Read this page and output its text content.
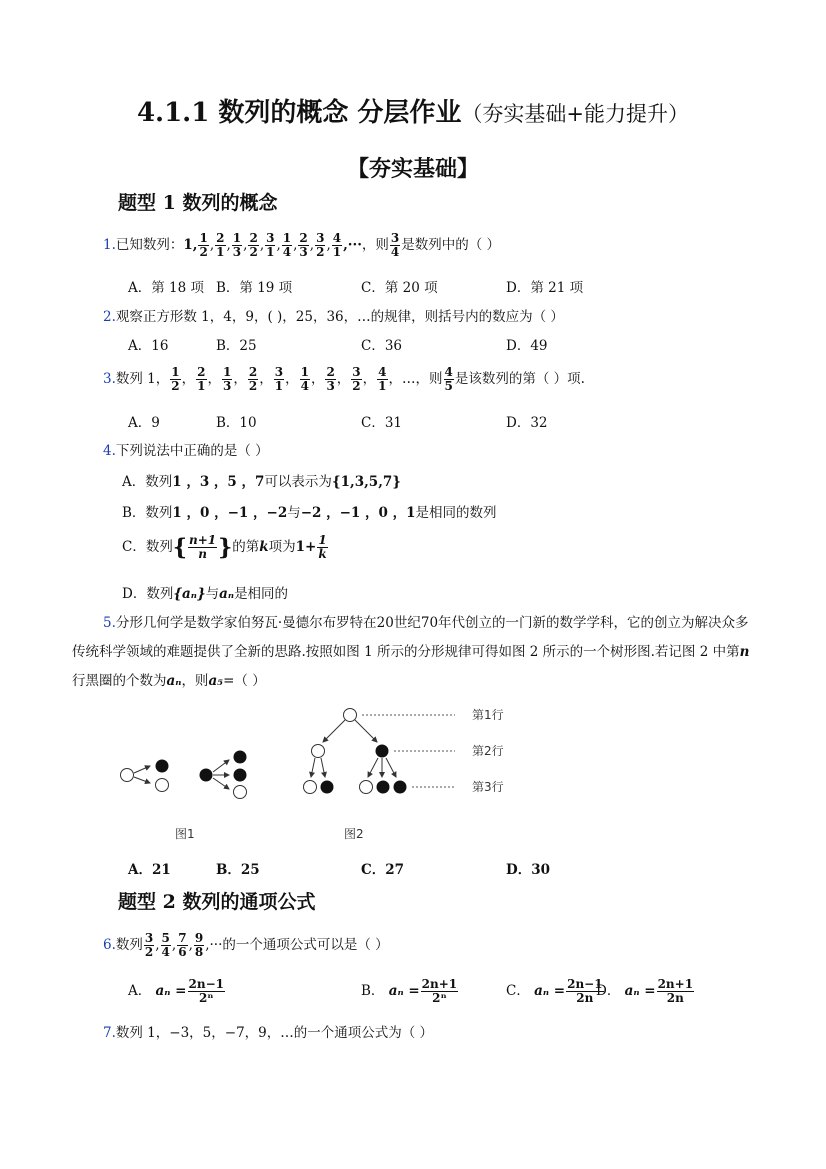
4.1.1 数列的概念 分层作业（夯实基础+能力提升）
【夯实基础】
题型 1 数列的概念
1.已知数列：1, $\frac{1}{2}$ , $\frac{2}{1}$ , $\frac{1}{3}$ , $\frac{2}{2}$ , $\frac{3}{1}$ , $\frac{1}{4}$ , $\frac{2}{3}$ , $\frac{3}{2}$ , $\frac{4}{1}$ ,···，则 $\frac{3}{4}$ 是数列中的（ ）
A．第 18 项 B．第 19 项	C．第 20 项	D．第 21 项
2.观察正方形数 1，4，9，( )，25，36，…的规律，则括号内的数应为（ ）
A．16	B．25	C．36	D．49
3.数列 1， $\frac{1}{2}$ ， $\frac{2}{1}$ ， $\frac{1}{3}$ ， $\frac{2}{2}$ ， $\frac{3}{1}$ ， $\frac{1}{4}$ ， $\frac{2}{3}$ ， $\frac{3}{2}$ ， $\frac{4}{1}$ ，…，则 $\frac{4}{5}$ 是该数列的第（ ）项.
A．9	B．10	C．31	D．32
4.下列说法中正确的是（ ）
A．数列1 ，3 ，5 ，7可以表示为{1,3,5,7}
B．数列1 ，0 ，−1 ，−2与−2 ，−1 ，0 ，1是相同的数列
C．数列{ $\frac{n+1}{n}$ }的第k项为$1+ \frac{1}{k}$
D．数列{aₙ}与aₙ是相同的
5.分形几何学是数学家伯努瓦·曼德尔布罗特在20世纪70年代创立的一门新的数学学科，它的创立为解决众多传统科学领域的难题提供了全新的思路.按照如图 1 所示的分形规律可得如图 2 所示的一个树形图.若记图 2 中第n行黑圈的个数为aₙ，则a₅=（ ）
第1行
第2行
第3行
图1	图2
A．21	B．25	C．27	D．30
题型 2 数列的通项公式
6.数列 $\frac{3}{2}$ , $\frac{5}{4}$ , $\frac{7}{6}$ , $\frac{9}{8}$ ,···的一个通项公式可以是（ ）
A． $a_n = \frac{2n-1}{\text{2ⁿ}}$	B． $a_n = \frac{2n+1}{\text{2ⁿ}}$	C． $a_n = \frac{2n-1}{2n}$
D． $a_n = \frac{2n+1}{2n}$
7.数列 1，−3，5，−7，9，…的一个通项公式为（ ）
